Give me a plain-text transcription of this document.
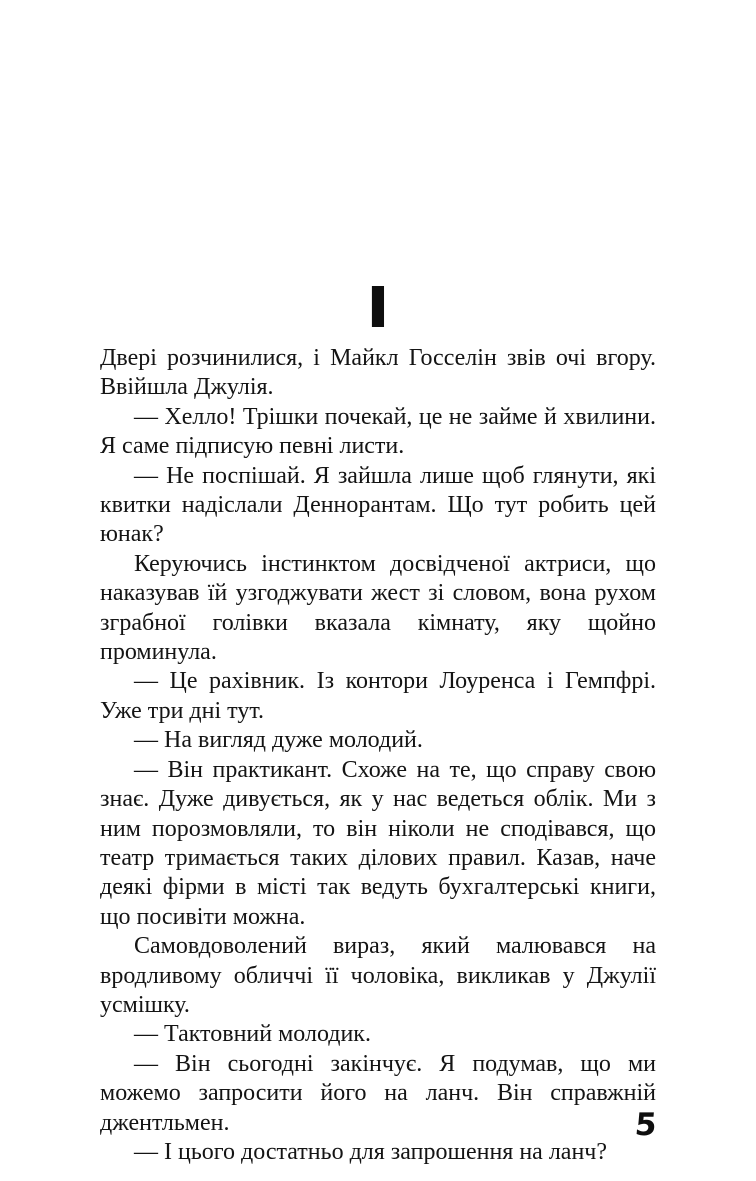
I

Двері розчинилися, і Майкл Госселін звів очі вгору. Ввійшла Джулія.

— Хелло! Трішки почекай, це не займе й хвилини. Я саме підписую певні листи.

— Не поспішай. Я зайшла лише щоб глянути, які квитки надіслали Деннорантам. Що тут робить цей юнак?

Керуючись інстинктом досвідченої актриси, що наказував їй узгоджувати жест зі словом, вона рухом зграбної голівки вказала кімнату, яку щойно проминула.

— Це рахівник. Із контори Лоуренса і Гемпфрі. Уже три дні тут.

— На вигляд дуже молодий.

— Він практикант. Схоже на те, що справу свою знає. Дуже дивується, як у нас ведеться облік. Ми з ним порозмовляли, то він ніколи не сподівався, що театр тримається таких ділових правил. Казав, наче деякі фірми в місті так ведуть бухгалтерські книги, що посивіти можна.

Самовдоволений вираз, який малювався на вродливому обличчі її чоловіка, викликав у Джулії усмішку.

— Тактовний молодик.

— Він сьогодні закінчує. Я подумав, що ми можемо запросити його на ланч. Він справжній джентльмен.

— І цього достатньо для запрошення на ланч?

5
